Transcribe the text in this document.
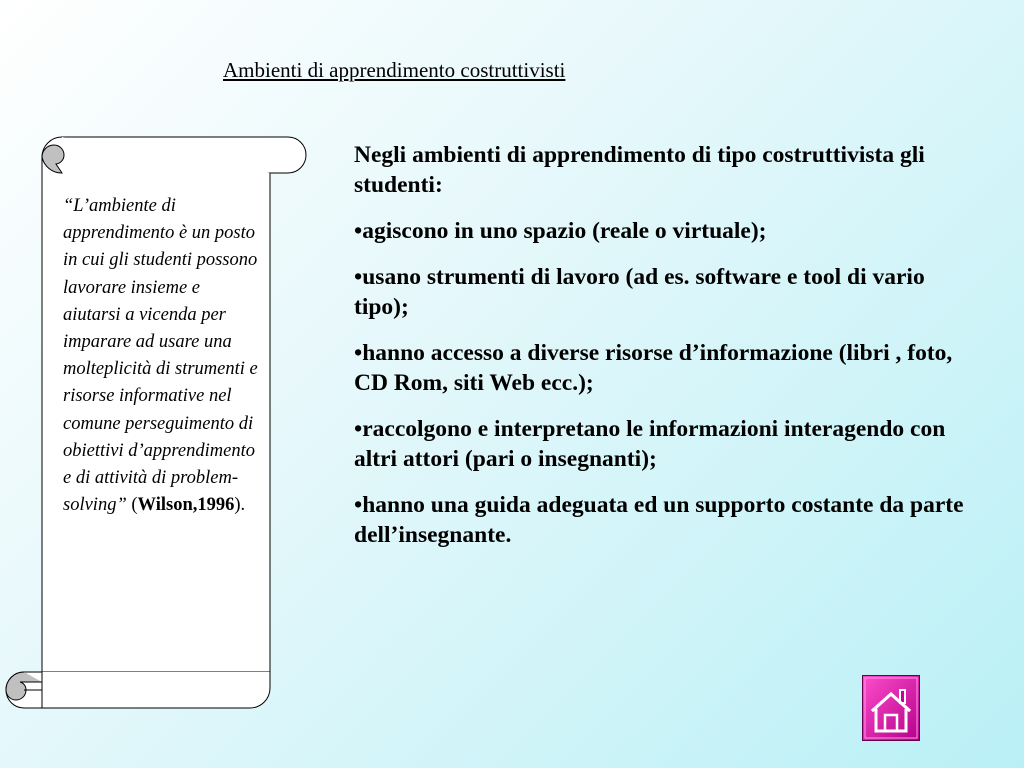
Ambienti di apprendimento costruttivisti
“L’ambiente di apprendimento è un posto in cui gli studenti possono lavorare insieme e aiutarsi a vicenda per imparare ad usare una molteplicità di strumenti e risorse informative nel comune perseguimento di obiettivi d’apprendimento e di attività di problem-solving” (Wilson,1996).

Negli ambienti di apprendimento di tipo costruttivista gli studenti:

•agiscono in uno spazio (reale o virtuale);

•usano strumenti di lavoro (ad es. software e tool di vario tipo);

•hanno accesso a diverse risorse d’informazione (libri , foto, CD Rom, siti Web ecc.);

•raccolgono e interpretano le informazioni interagendo con altri attori (pari o insegnanti);

•hanno una guida adeguata ed un supporto costante da parte dell’insegnante.
